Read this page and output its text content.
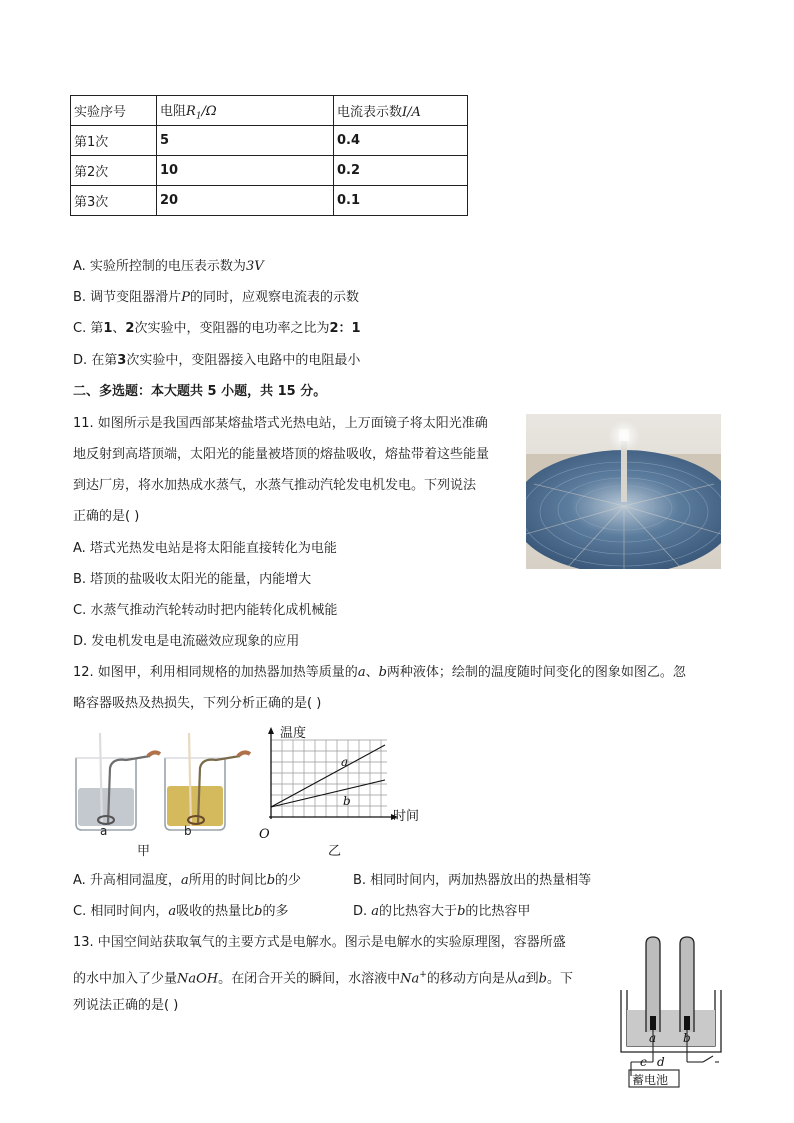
实验序号	电阻$R_1/\Omega$	电流表示数I/A
第1次	5	0.4
第2次	10	0.2
第3次	20	0.1
A. 实验所控制的电压表示数为3V
B. 调节变阻器滑片P的同时，应观察电流表的示数
C. 第1、2次实验中，变阻器的电功率之比为2：1
D. 在第3次实验中，变阻器接入电路中的电阻最小
二、多选题：本大题共 5 小题，共 15 分。
11. 如图所示是我国西部某熔盐塔式光热电站，上万面镜子将太阳光准确
地反射到高塔顶端，太阳光的能量被塔顶的熔盐吸收，熔盐带着这些能量
到达厂房，将水加热成水蒸气，水蒸气推动汽轮发电机发电。下列说法
正确的是( )
A. 塔式光热发电站是将太阳能直接转化为电能
B. 塔顶的盐吸收太阳光的能量，内能增大
C. 水蒸气推动汽轮转动时把内能转化成机械能
D. 发电机发电是电流磁效应现象的应用
12. 如图甲，利用相同规格的加热器加热等质量的a、b两种液体；绘制的温度随时间变化的图象如图乙。忽
略容器吸热及热损失，下列分析正确的是( )
a	b
甲
a
b
温度
时间
O
乙
A. 升高相同温度，a所用的时间比b的少	B. 相同时间内，两加热器放出的热量相等
C. 相同时间内，a吸收的热量比b的多	D. a的比热容大于b的比热容甲
13. 中国空间站获取氧气的主要方式是电解水。图示是电解水的实验原理图，容器所盛
的水中加入了少量NaOH。在闭合开关的瞬间，水溶液中Na+的移动方向是从a到b。下
列说法正确的是( )
a b
c d
蓄电池
